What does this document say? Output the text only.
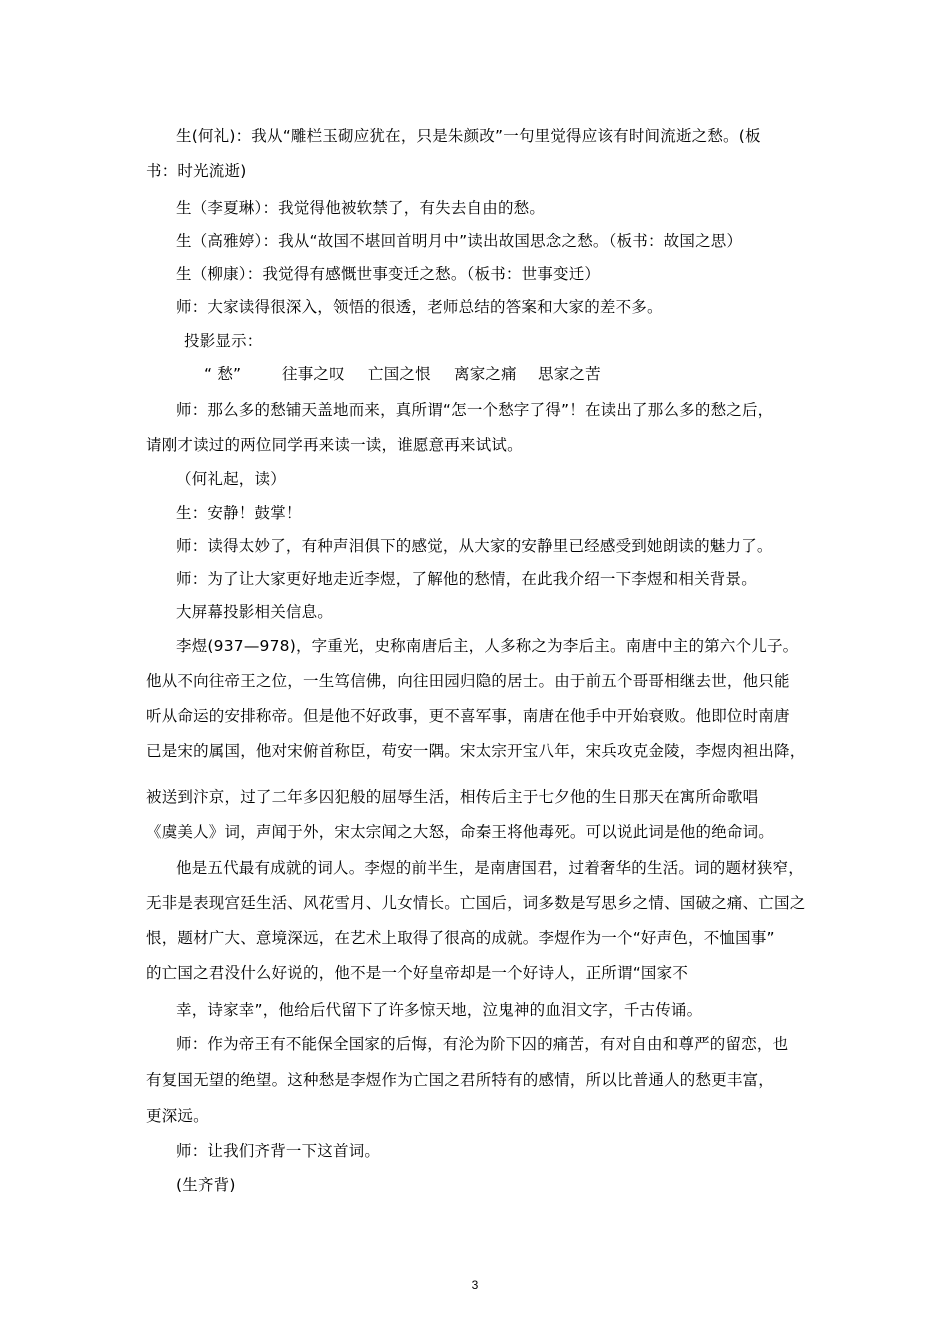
生(何礼)：我从“雕栏玉砌应犹在，只是朱颜改”一句里觉得应该有时间流逝之愁。(板
书：时光流逝)
生（李夏琳）：我觉得他被软禁了，有失去自由的愁。
生（高雅婷）：我从“故国不堪回首明月中”读出故国思念之愁。（板书：故国之思）
生（柳康）：我觉得有感慨世事变迁之愁。（板书：世事变迁）
师：大家读得很深入，领悟的很透，老师总结的答案和大家的差不多。
投影显示：
“ 愁”	往事之叹 亡国之恨 离家之痛 思家之苦
师：那么多的愁铺天盖地而来，真所谓“怎一个愁字了得”！在读出了那么多的愁之后，
请刚才读过的两位同学再来读一读，谁愿意再来试试。
（何礼起，读）
生：安静！鼓掌！
师：读得太妙了，有种声泪俱下的感觉，从大家的安静里已经感受到她朗读的魅力了。
师：为了让大家更好地走近李煜，了解他的愁情，在此我介绍一下李煜和相关背景。
大屏幕投影相关信息。
李煜(937—978)，字重光，史称南唐后主，人多称之为李后主。南唐中主的第六个儿子。
他从不向往帝王之位，一生笃信佛，向往田园归隐的居士。由于前五个哥哥相继去世，他只能
听从命运的安排称帝。但是他不好政事，更不喜军事，南唐在他手中开始衰败。他即位时南唐
已是宋的属国，他对宋俯首称臣，苟安一隅。宋太宗开宝八年，宋兵攻克金陵，李煜肉袒出降，
被送到汴京，过了二年多囚犯般的屈辱生活，相传后主于七夕他的生日那天在寓所命歌唱
《虞美人》词，声闻于外，宋太宗闻之大怒，命秦王将他毒死。可以说此词是他的绝命词。
他是五代最有成就的词人。李煜的前半生，是南唐国君，过着奢华的生活。词的题材狭窄，
无非是表现宫廷生活、风花雪月、儿女情长。亡国后，词多数是写思乡之情、国破之痛、亡国之
恨，题材广大、意境深远，在艺术上取得了很高的成就。李煜作为一个“好声色，不恤国事”
的亡国之君没什么好说的，他不是一个好皇帝却是一个好诗人，正所谓“国家不
幸，诗家幸”，他给后代留下了许多惊天地，泣鬼神的血泪文字，千古传诵。
师：作为帝王有不能保全国家的后悔，有沦为阶下囚的痛苦，有对自由和尊严的留恋，也
有复国无望的绝望。这种愁是李煜作为亡国之君所特有的感情，所以比普通人的愁更丰富，
更深远。
师：让我们齐背一下这首词。
(生齐背)
3
